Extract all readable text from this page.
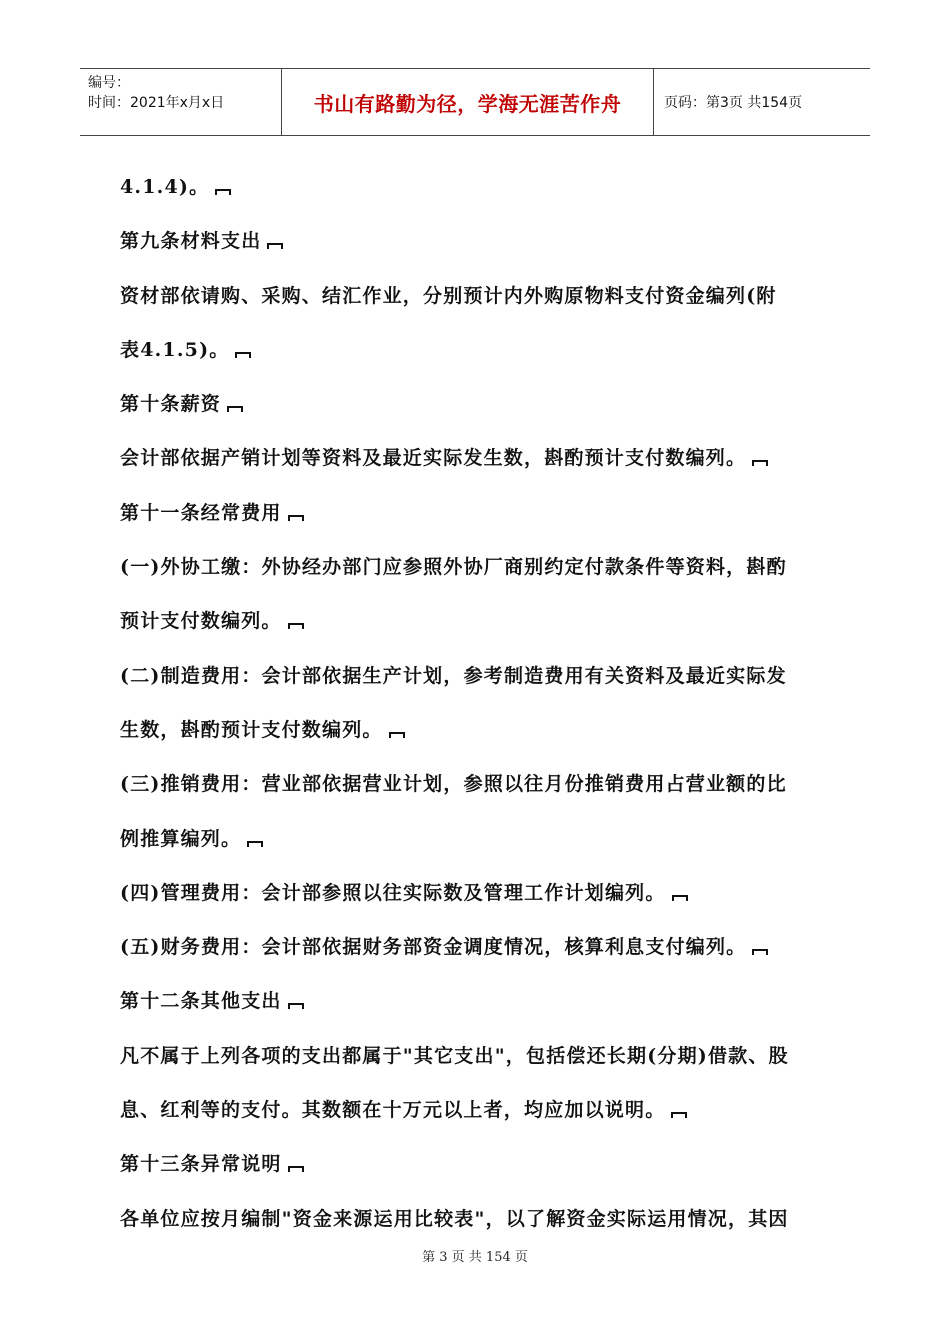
编号：
时间：2021年x月x日	书山有路勤为径，学海无涯苦作舟	页码：第3页 共154页
4.1.4)。
第九条材料支出
资材部依请购、采购、结汇作业，分别预计内外购原物料支付资金编列(附
表4.1.5)。
第十条薪资
会计部依据产销计划等资料及最近实际发生数，斟酌预计支付数编列。
第十一条经常费用
(一)外协工缴：外协经办部门应参照外协厂商别约定付款条件等资料，斟酌
预计支付数编列。
(二)制造费用：会计部依据生产计划，参考制造费用有关资料及最近实际发
生数，斟酌预计支付数编列。
(三)推销费用：营业部依据营业计划，参照以往月份推销费用占营业额的比
例推算编列。
(四)管理费用：会计部参照以往实际数及管理工作计划编列。
(五)财务费用：会计部依据财务部资金调度情况，核算利息支付编列。
第十二条其他支出
凡不属于上列各项的支出都属于"其它支出"，包括偿还长期(分期)借款、股
息、红利等的支付。其数额在十万元以上者，均应加以说明。
第十三条异常说明
各单位应按月编制"资金来源运用比较表"，以了解资金实际运用情况，其因
第 3 页 共 154 页
